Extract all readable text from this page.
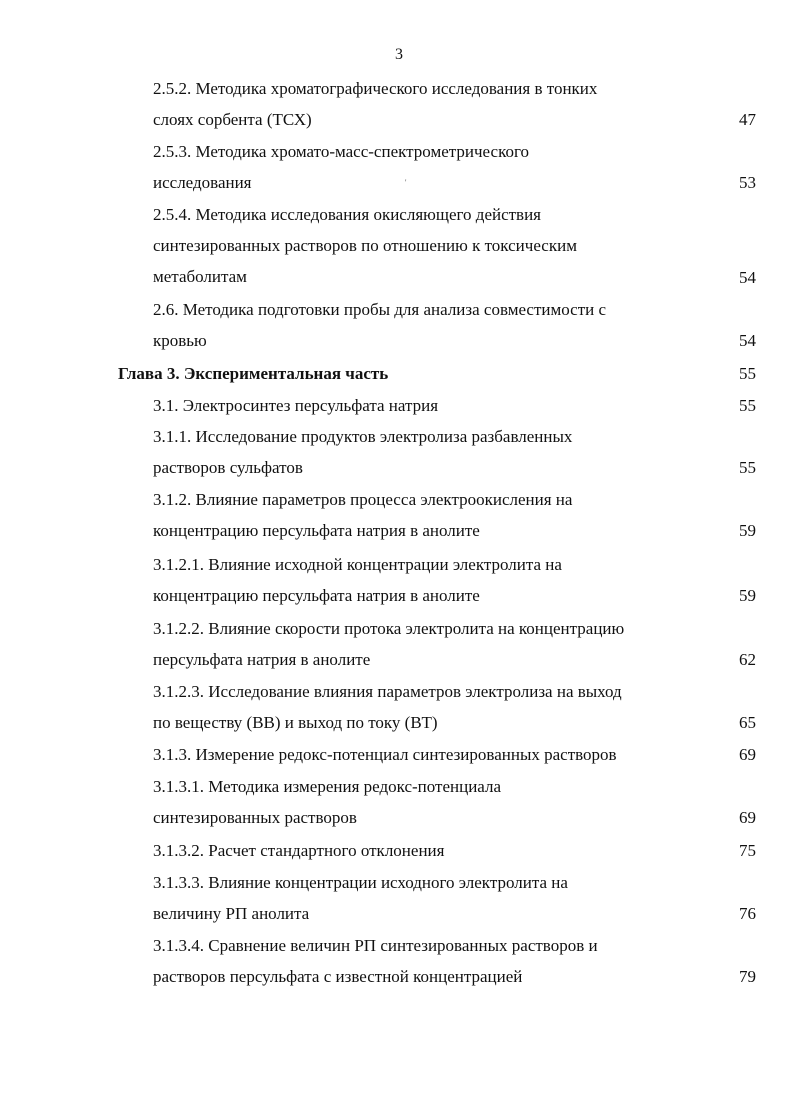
3
'
2.5.2. Методика хроматографического исследования в тонких
слоях сорбента (ТСХ)	47
2.5.3. Методика хромато-масс-спектрометрического
исследования	53
2.5.4. Методика исследования окисляющего действия
синтезированных растворов по отношению к токсическим
метаболитам	54
2.6. Методика подготовки пробы для анализа совместимости с
кровью	54
Глава 3. Экспериментальная часть	55
3.1. Электросинтез персульфата натрия	55
3.1.1. Исследование продуктов электролиза разбавленных
растворов сульфатов	55
3.1.2. Влияние параметров процесса электроокисления на
концентрацию персульфата натрия в анолите	59
3.1.2.1. Влияние исходной концентрации электролита на
концентрацию персульфата натрия в анолите	59
3.1.2.2. Влияние скорости протока электролита на концентрацию
персульфата натрия в анолите	62
3.1.2.3. Исследование влияния параметров электролиза на выход
по веществу (ВВ) и выход по току (ВТ)	65
3.1.3. Измерение редокс-потенциал синтезированных растворов	69
3.1.3.1. Методика измерения редокс-потенциала
синтезированных растворов	69
3.1.3.2. Расчет стандартного отклонения	75
3.1.3.3. Влияние концентрации исходного электролита на
величину РП анолита	76
3.1.3.4. Сравнение величин РП синтезированных растворов и
растворов персульфата с известной концентрацией	79
